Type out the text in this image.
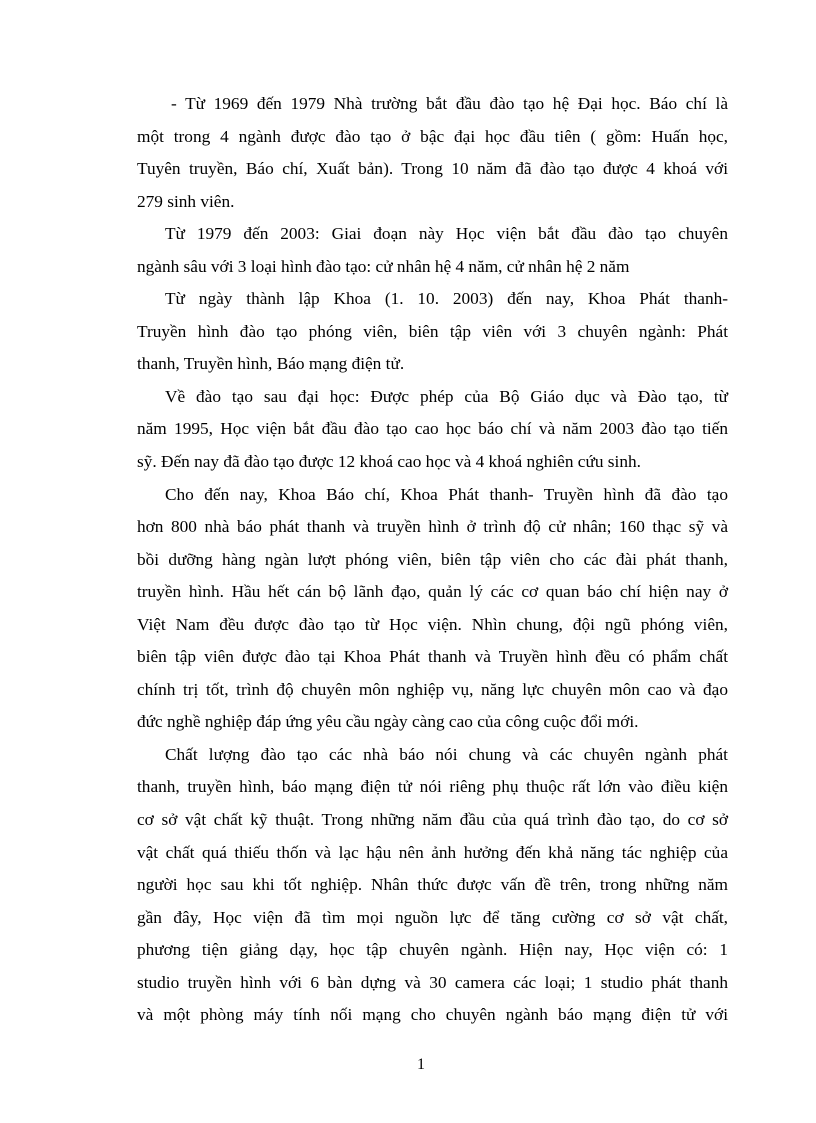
- Từ 1969 đến 1979 Nhà trường bắt đầu đào tạo hệ Đại học. Báo chí là
một trong 4 ngành được đào tạo ở bậc đại học đầu tiên ( gồm: Huấn học,
Tuyên truyền, Báo chí, Xuất bản). Trong 10 năm đã đào tạo được 4 khoá với
279 sinh viên.
Từ 1979 đến 2003: Giai đoạn này Học viện bắt đầu đào tạo chuyên
ngành sâu với 3 loại hình đào tạo: cử nhân hệ 4 năm, cử nhân hệ 2 năm
Từ ngày thành lập Khoa (1. 10. 2003) đến nay, Khoa Phát thanh-
Truyền hình đào tạo phóng viên, biên tập viên với 3 chuyên ngành: Phát
thanh, Truyền hình, Báo mạng điện tử.
Về đào tạo sau đại học: Được phép của Bộ Giáo dục và Đào tạo, từ
năm 1995, Học viện bắt đầu đào tạo cao học báo chí và năm 2003 đào tạo tiến
sỹ. Đến nay đã đào tạo được 12 khoá cao học và 4 khoá nghiên cứu sinh.
Cho đến nay, Khoa Báo chí, Khoa Phát thanh- Truyền hình đã đào tạo
hơn 800 nhà báo phát thanh và truyền hình ở trình độ cử nhân; 160 thạc sỹ và
bồi dưỡng hàng ngàn lượt phóng viên, biên tập viên cho các đài phát thanh,
truyền hình. Hầu hết cán bộ lãnh đạo, quản lý các cơ quan báo chí hiện nay ở
Việt Nam đều được đào tạo từ Học viện. Nhìn chung, đội ngũ phóng viên,
biên tập viên được đào tại Khoa Phát thanh và Truyền hình đều có phẩm chất
chính trị tốt, trình độ chuyên môn nghiệp vụ, năng lực chuyên môn cao và đạo
đức nghề nghiệp đáp ứng yêu cầu ngày càng cao của công cuộc đổi mới.
Chất lượng đào tạo các nhà báo nói chung và các chuyên ngành phát
thanh, truyền hình, báo mạng điện tử nói riêng phụ thuộc rất lớn vào điều kiện
cơ sở vật chất kỹ thuật. Trong những năm đầu của quá trình đào tạo, do cơ sở
vật chất quá thiếu thốn và lạc hậu nên ảnh hưởng đến khả năng tác nghiệp của
người học sau khi tốt nghiệp. Nhân thức được vấn đề trên, trong những năm
gần đây, Học viện đã tìm mọi nguồn lực để tăng cường cơ sở vật chất,
phương tiện giảng dạy, học tập chuyên ngành. Hiện nay, Học viện có: 1
studio truyền hình với 6 bàn dựng và 30 camera các loại; 1 studio phát thanh
và một phòng máy tính nối mạng cho chuyên ngành báo mạng điện tử với
1
